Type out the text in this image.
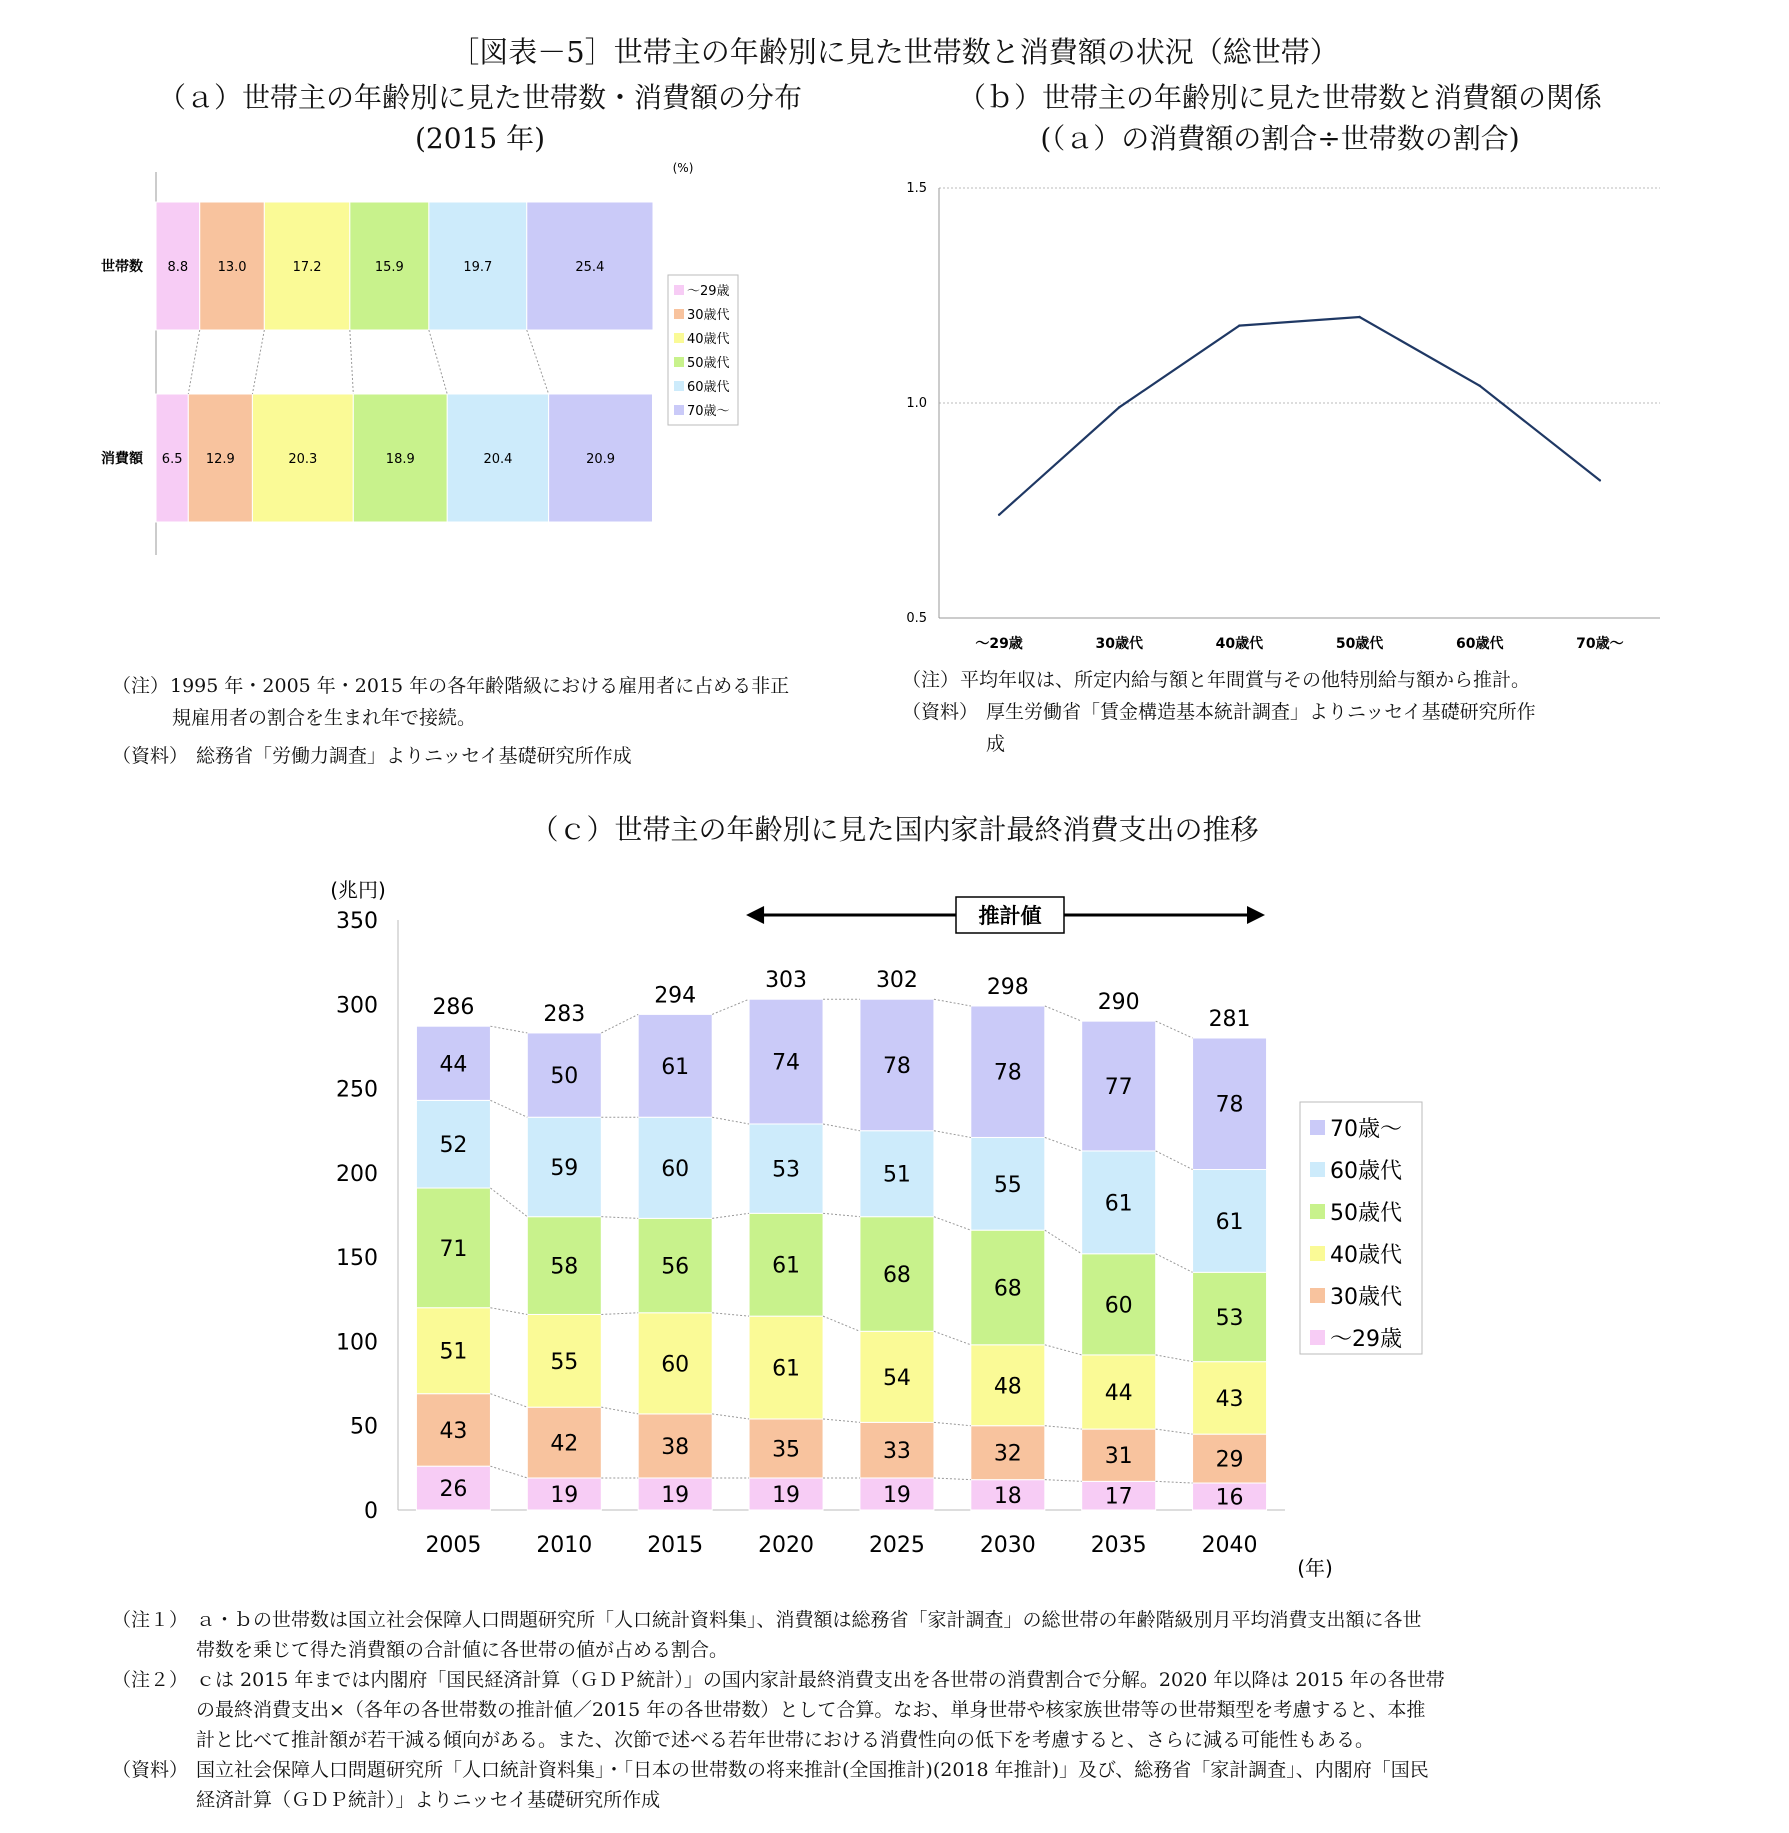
［図表－5］世帯主の年齢別に見た世帯数と消費額の状況（総世帯）
（ａ）世帯主の年齢別に見た世帯数・消費額の分布
(2015 年)
（ｂ）世帯主の年齢別に見た世帯数と消費額の関係
(（ａ）の消費額の割合÷世帯数の割合)
（ｃ）世帯主の年齢別に見た国内家計最終消費支出の推移
(%)
世帯数 8.8 13.0	17.2	15.9	19.7	25.4
消費額 6.5 12.9	20.3	18.9	20.4	20.9
～29歳
30歳代
40歳代
50歳代
60歳代
70歳～
0.5
1.0
1.5
～29歳	30歳代	40歳代	50歳代	60歳代	70歳～
0
50
100
150
200
250
300
350
(兆円)
(年)
26
43
51
71
52
44
286
2005
19
42
55
58
59
50
283
2010
19
38
60
56
60
61
294
2015
19
35
61
61
53
74
303
2020
19
33
54
68
51
78
302
2025
18
32
48
68
55
78
298
2030
17
31
44
60
61
77
290
2035
16
29
43
53
61
78
281
2040
推計値
70歳～
60歳代
50歳代
40歳代
30歳代
～29歳
（注） 1995 年・2005 年・2015 年の各年齢階級における雇用者に占める非正
規雇用者の割合を生まれ年で接続。
（資料） 総務省「労働力調査」よりニッセイ基礎研究所作成
（注） 平均年収は、所定内給与額と年間賞与その他特別給与額から推計。
（資料） 厚生労働省「賃金構造基本統計調査」よりニッセイ基礎研究所作
成
（注１） ａ・ｂの世帯数は国立社会保障人口問題研究所「人口統計資料集」、消費額は総務省「家計調査」の総世帯の年齢階級別月平均消費支出額に各世
帯数を乗じて得た消費額の合計値に各世帯の値が占める割合。
（注２） ｃは 2015 年までは内閣府「国民経済計算（ＧＤＰ統計）」の国内家計最終消費支出を各世帯の消費割合で分解。2020 年以降は 2015 年の各世帯
の最終消費支出×（各年の各世帯数の推計値／2015 年の各世帯数）として合算。なお、単身世帯や核家族世帯等の世帯類型を考慮すると、本推
計と比べて推計額が若干減る傾向がある。また、次節で述べる若年世帯における消費性向の低下を考慮すると、さらに減る可能性もある。
（資料） 国立社会保障人口問題研究所「人口統計資料集」・「日本の世帯数の将来推計(全国推計)(2018 年推計)」及び、総務省「家計調査」、内閣府「国民
経済計算（ＧＤＰ統計）」よりニッセイ基礎研究所作成
